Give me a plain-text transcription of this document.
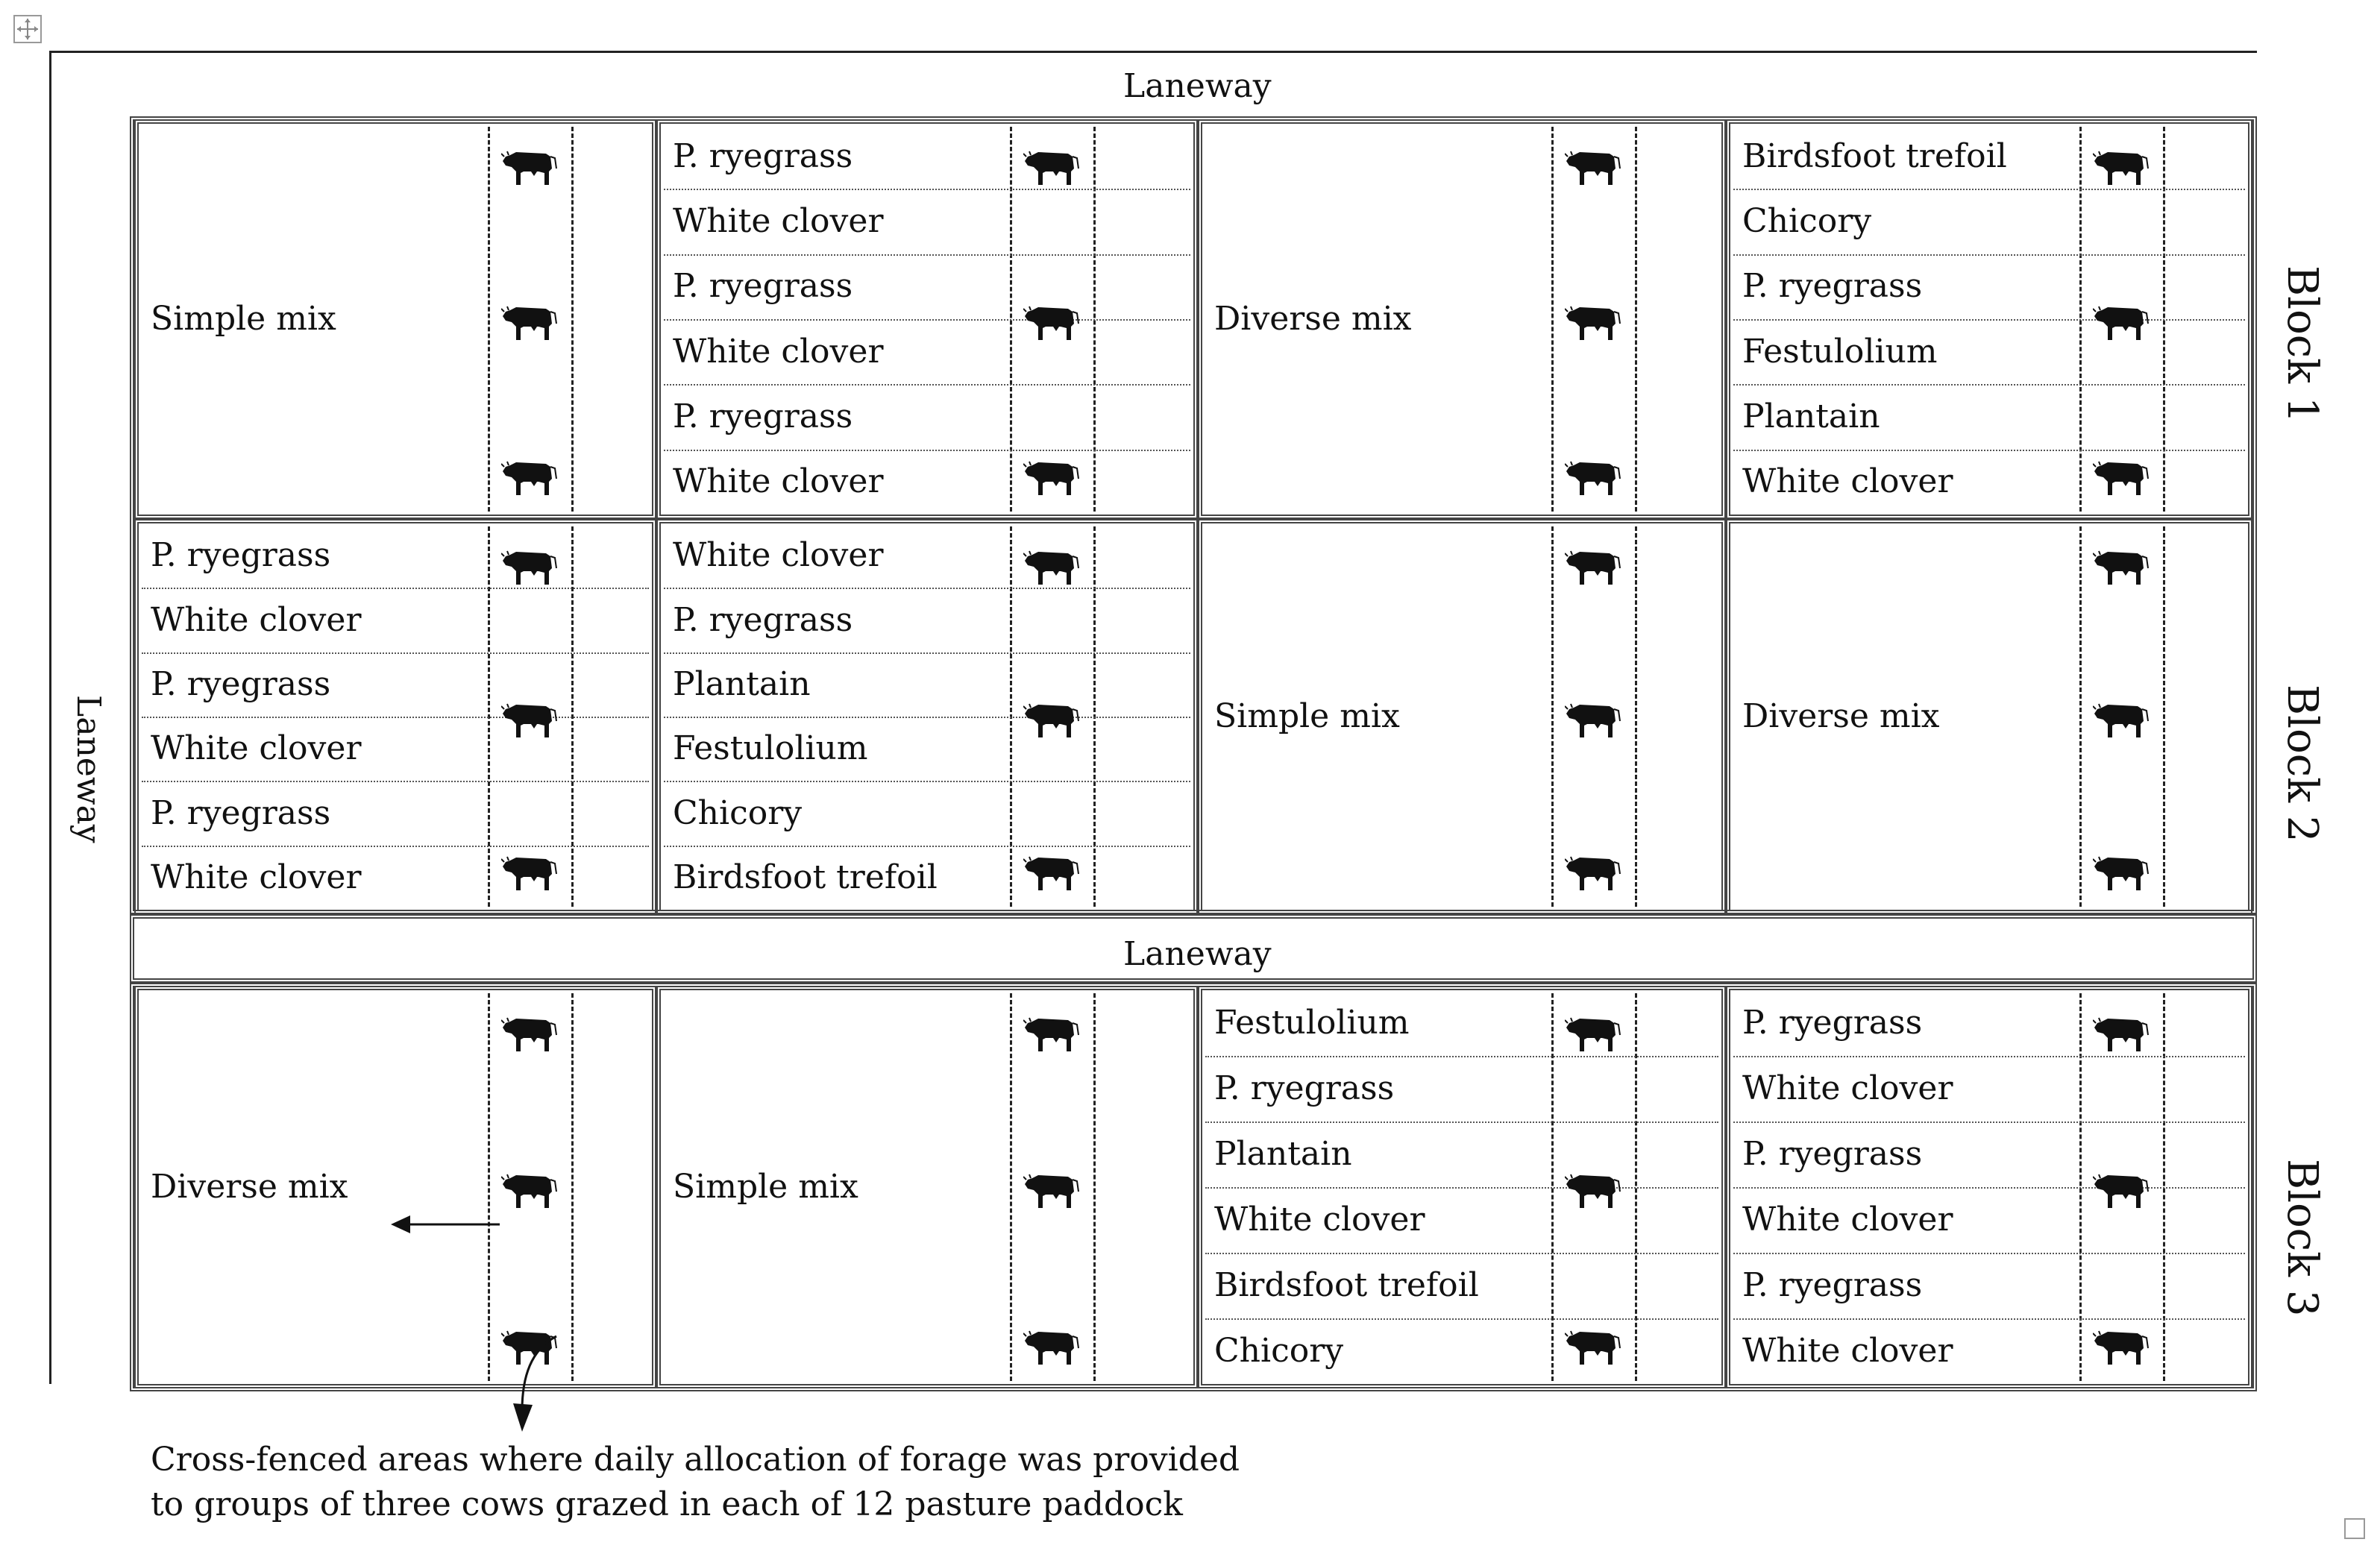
Laneway
Laneway
Laneway
Block 1
Block 2
Block 3
Simple mix
P. ryegrass
White clover
P. ryegrass
White clover
P. ryegrass
White clover
Diverse mix
Birdsfoot trefoil
Chicory
P. ryegrass
Festulolium
Plantain
White clover
P. ryegrass
White clover
P. ryegrass
White clover
P. ryegrass
White clover
White clover
P. ryegrass
Plantain
Festulolium
Chicory
Birdsfoot trefoil
Simple mix	Diverse mix
Diverse mix	Simple mix
Festulolium
P. ryegrass
Plantain
White clover
Birdsfoot trefoil
Chicory
P. ryegrass
White clover
P. ryegrass
White clover
P. ryegrass
White clover
Cross-fenced areas where daily allocation of forage was provided
to groups of three cows grazed in each of 12 pasture paddock
